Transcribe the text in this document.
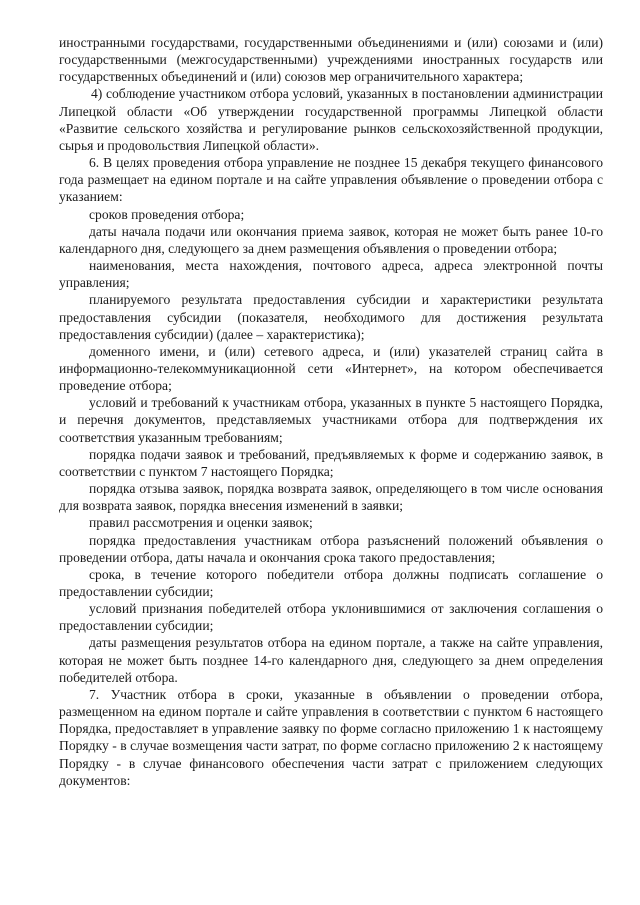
иностранными государствами, государственными объединениями и (или) союзами и (или) государственными (межгосударственными) учреждениями иностранных государств или государственных объединений и (или) союзов мер ограничительного характера;

4) соблюдение участником отбора условий, указанных в постановлении администрации Липецкой области «Об утверждении государственной программы Липецкой области «Развитие сельского хозяйства и регулирование рынков сельскохозяйственной продукции, сырья и продовольствия Липецкой области».

6. В целях проведения отбора управление не позднее 15 декабря текущего финансового года размещает на едином портале и на сайте управления объявление о проведении отбора с указанием:

сроков проведения отбора;

даты начала подачи или окончания приема заявок, которая не может быть ранее 10-го календарного дня, следующего за днем размещения объявления о проведении отбора;

наименования, места нахождения, почтового адреса, адреса электронной почты управления;

планируемого результата предоставления субсидии и характеристики результата предоставления субсидии (показателя, необходимого для достижения результата предоставления субсидии) (далее – характеристика);

доменного имени, и (или) сетевого адреса, и (или) указателей страниц сайта в информационно-телекоммуникационной сети «Интернет», на котором обеспечивается проведение отбора;

условий и требований к участникам отбора, указанных в пункте 5 настоящего Порядка, и перечня документов, представляемых участниками отбора для подтверждения их соответствия указанным требованиям;

порядка подачи заявок и требований, предъявляемых к форме и содержанию заявок, в соответствии с пунктом 7 настоящего Порядка;

порядка отзыва заявок, порядка возврата заявок, определяющего в том числе основания для возврата заявок, порядка внесения изменений в заявки;

правил рассмотрения и оценки заявок;

порядка предоставления участникам отбора разъяснений положений объявления о проведении отбора, даты начала и окончания срока такого предоставления;

срока, в течение которого победители отбора должны подписать соглашение о предоставлении субсидии;

условий признания победителей отбора уклонившимися от заключения соглашения о предоставлении субсидии;

даты размещения результатов отбора на едином портале, а также на сайте управления, которая не может быть позднее 14-го календарного дня, следующего за днем определения победителей отбора.

7. Участник отбора в сроки, указанные в объявлении о проведении отбора, размещенном на едином портале и сайте управления в соответствии с пунктом 6 настоящего Порядка, предоставляет в управление заявку по форме согласно приложению 1 к настоящему Порядку - в случае возмещения части затрат, по форме согласно приложению 2 к настоящему Порядку - в случае финансового обеспечения части затрат с приложением следующих документов:
